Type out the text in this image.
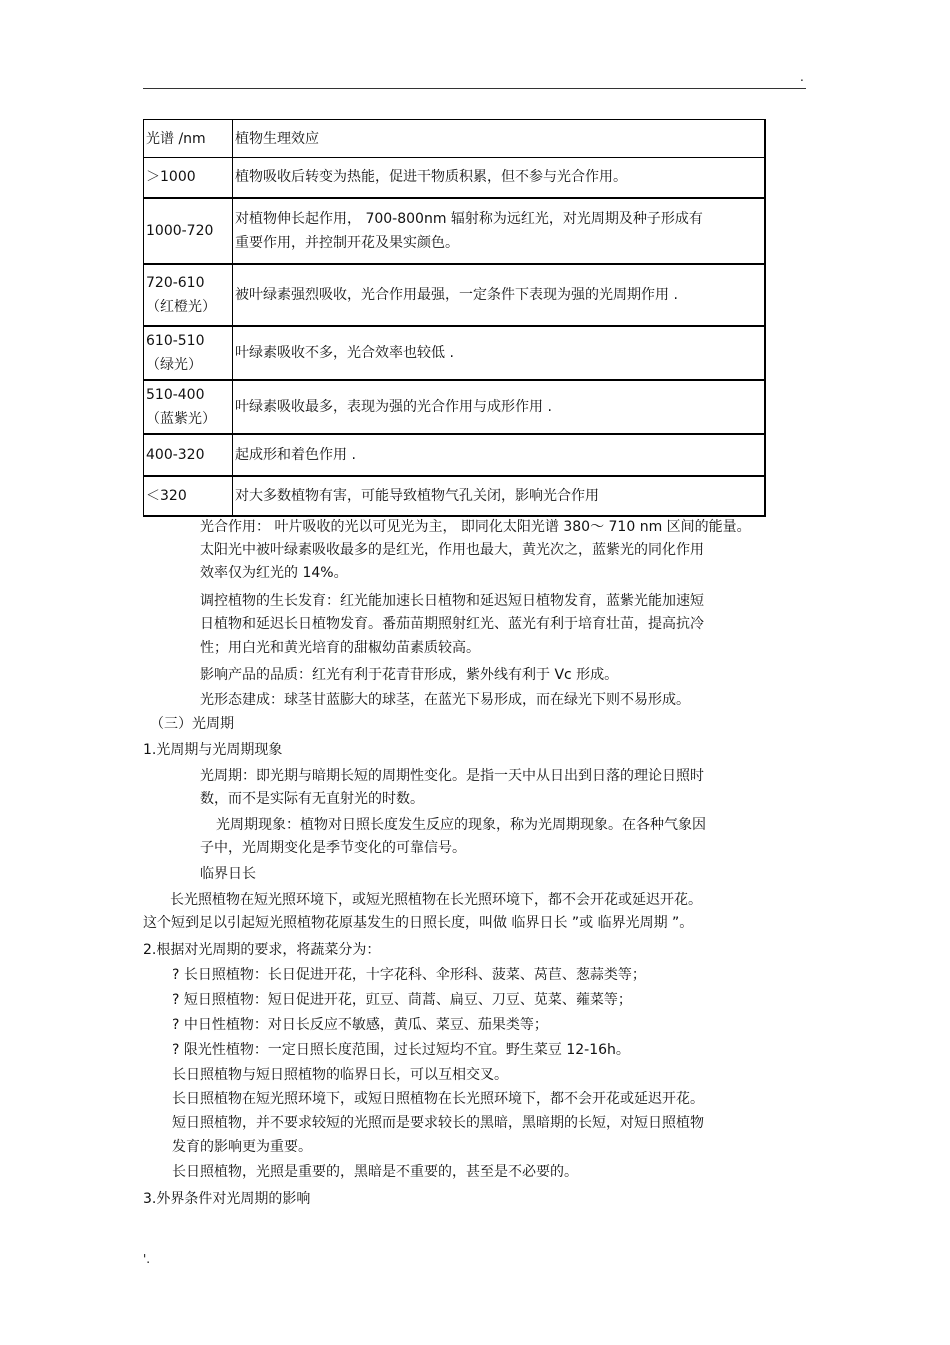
.
光谱 /nm	植物生理效应
＞1000	植物吸收后转变为热能，促进干物质积累，但不参与光合作用。
1000-720	对植物伸长起作用， 700-800nm 辐射称为远红光，对光周期及种子形成有
重要作用，并控制开花及果实颜色。
720-610（红橙光）	被叶绿素强烈吸收，光合作用最强，一定条件下表现为强的光周期作用 .
610-510（绿光）	叶绿素吸收不多，光合效率也较低 .
510-400（蓝紫光）	叶绿素吸收最多，表现为强的光合作用与成形作用 .
400-320	起成形和着色作用 .
＜320	对大多数植物有害，可能导致植物气孔关闭，影响光合作用
光合作用： 叶片吸收的光以可见光为主， 即同化太阳光谱 380～ 710 nm 区间的能量。
太阳光中被叶绿素吸收最多的是红光，作用也最大，黄光次之，蓝紫光的同化作用
效率仅为红光的 14%。
调控植物的生长发育：红光能加速长日植物和延迟短日植物发育，蓝紫光能加速短
日植物和延迟长日植物发育。番茄苗期照射红光、蓝光有利于培育壮苗，提高抗冷
性；用白光和黄光培育的甜椒幼苗素质较高。
影响产品的品质：红光有利于花青苷形成，紫外线有利于 Vc 形成。
光形态建成：球茎甘蓝膨大的球茎，在蓝光下易形成，而在绿光下则不易形成。
（三）光周期
1.光周期与光周期现象
光周期：即光期与暗期长短的周期性变化。是指一天中从日出到日落的理论日照时
数，而不是实际有无直射光的时数。
光周期现象：植物对日照长度发生反应的现象，称为光周期现象。在各种气象因
子中，光周期变化是季节变化的可靠信号。
临界日长
长光照植物在短光照环境下，或短光照植物在长光照环境下，都不会开花或延迟开花。
这个短到足以引起短光照植物花原基发生的日照长度，叫做 临界日长 ”或 临界光周期 ”。
2.根据对光周期的要求，将蔬菜分为：
? 长日照植物：长日促进开花，十字花科、伞形科、菠菜、莴苣、葱蒜类等；
? 短日照植物：短日促进开花，豇豆、茼蒿、扁豆、刀豆、苋菜、蕹菜等；
? 中日性植物：对日长反应不敏感，黄瓜、菜豆、茄果类等；
? 限光性植物：一定日照长度范围，过长过短均不宜。野生菜豆 12-16h。
长日照植物与短日照植物的临界日长，可以互相交叉。
长日照植物在短光照环境下，或短日照植物在长光照环境下，都不会开花或延迟开花。
短日照植物，并不要求较短的光照而是要求较长的黑暗，黑暗期的长短，对短日照植物
发育的影响更为重要。
长日照植物，光照是重要的，黑暗是不重要的，甚至是不必要的。
3.外界条件对光周期的影响
'.
